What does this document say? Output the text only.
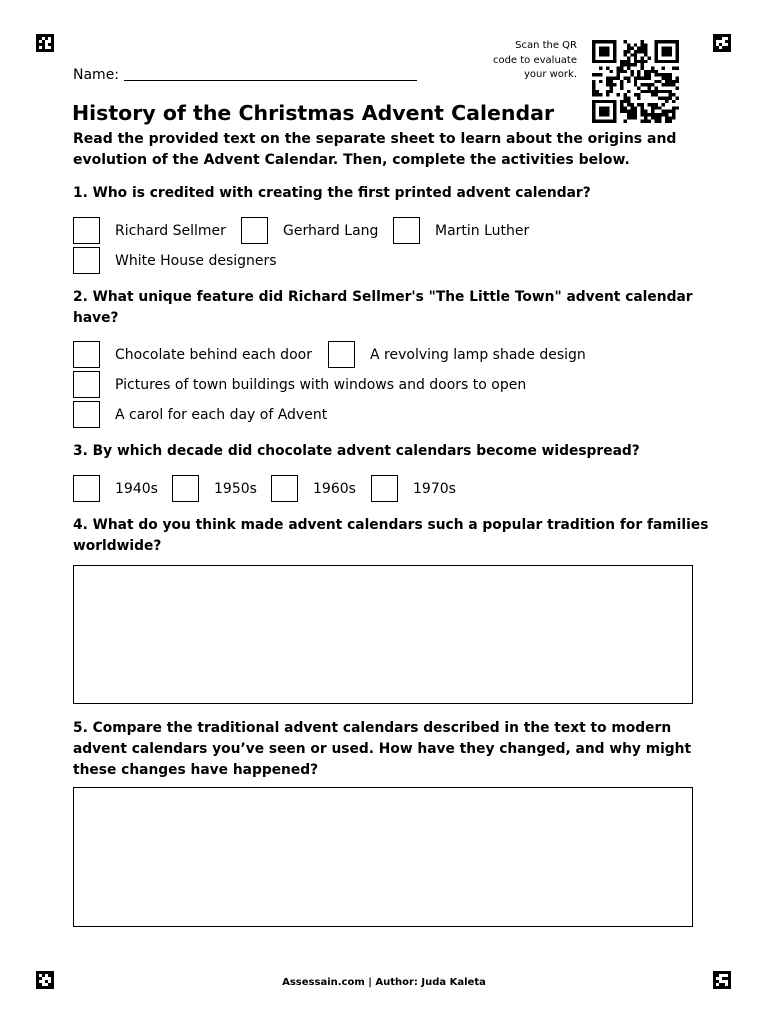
Scan the QR
code to evaluate
your work.
Name:
History of the Christmas Advent Calendar

Read the provided text on the separate sheet to learn about the origins and evolution of the Advent Calendar. Then, complete the activities below.

1. Who is credited with creating the first printed advent calendar?

Richard Sellmer	Gerhard Lang	Martin Luther
White House designers

2. What unique feature did Richard Sellmer's "The Little Town" advent calendar have?

Chocolate behind each door	A revolving lamp shade design
Pictures of town buildings with windows and doors to open
A carol for each day of Advent

3. By which decade did chocolate advent calendars become widespread?

1940s	1950s	1960s	1970s

4. What do you think made advent calendars such a popular tradition for families worldwide?

5. Compare the traditional advent calendars described in the text to modern advent calendars you’ve seen or used. How have they changed, and why might these changes have happened?

Assessain.com | Author: Juda Kaleta
